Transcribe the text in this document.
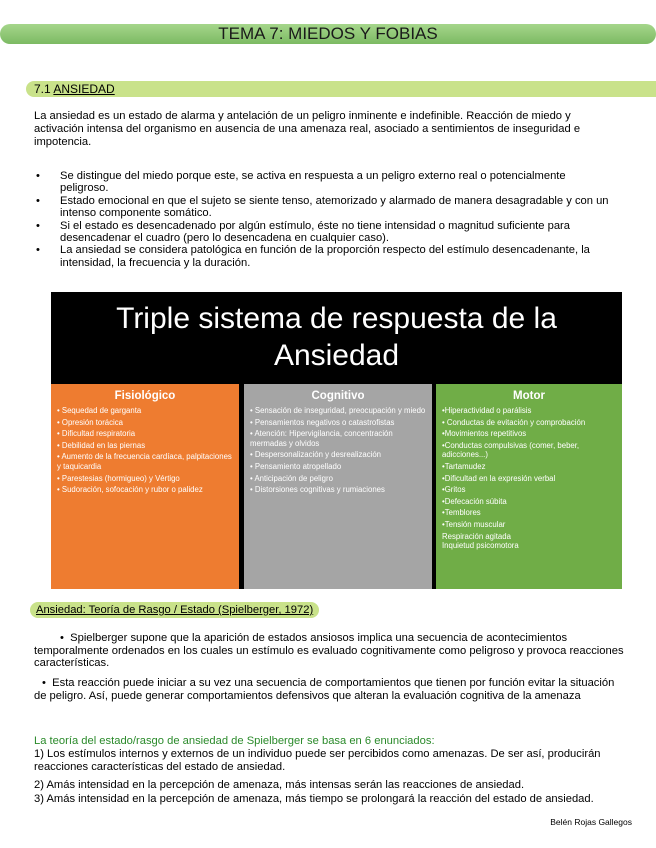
TEMA 7: MIEDOS Y FOBIAS
7.1 ANSIEDAD
La ansiedad es un estado de alarma y antelación de un peligro inminente e indefinible. Reacción de miedo y activación intensa del organismo en ausencia de una amenaza real, asociado a sentimientos de inseguridad e impotencia.
• Se distingue del miedo porque este, se activa en respuesta a un peligro externo real o potencialmente peligroso.
• Estado emocional en que el sujeto se siente tenso, atemorizado y alarmado de manera desagradable y con un intenso componente somático.
• Si el estado es desencadenado por algún estímulo, éste no tiene intensidad o magnitud suficiente para desencadenar el cuadro (pero lo desencadena en cualquier caso).
• La ansiedad se considera patológica en función de la proporción respecto del estímulo desencadenante, la intensidad, la frecuencia y la duración.
Triple sistema de respuesta de la Ansiedad
Fisiológico
• Sequedad de garganta
• Opresión torácica
• Dificultad respiratoria
• Debilidad en las piernas
• Aumento de la frecuencia cardíaca, palpitaciones y taquicardia
• Parestesias (hormigueo) y Vértigo
• Sudoración, sofocación y rubor o palidez
Cognitivo
• Sensación de inseguridad, preocupación y miedo
• Pensamientos negativos o catastrofistas
• Atención: Hipervigilancia, concentración mermadas y olvidos
• Despersonalización y desrealización
• Pensamiento atropellado
• Anticipación de peligro
• Distorsiones cognitivas y rumiaciones
Motor
•Hiperactividad o parálisis
• Conductas de evitación y comprobación
•Movimientos repetitivos
•Conductas compulsivas (comer, beber, adicciones...)
•Tartamudez
•Dificultad en la expresión verbal
•Gritos
•Defecación súbita
•Temblores
•Tensión muscular
Respiración agitada
Inquietud psicomotora
Ansiedad: Teoría de Rasgo / Estado (Spielberger, 1972)
•  Spielberger supone que la aparición de estados ansiosos implica una secuencia de acontecimientos temporalmente ordenados en los cuales un estímulo es evaluado cognitivamente como peligroso y provoca reacciones características.
•  Esta reacción puede iniciar a su vez una secuencia de comportamientos que tienen por función evitar la situación de peligro. Así, puede generar comportamientos defensivos que alteran la evaluación cognitiva de la amenaza
La teoría del estado/rasgo de ansiedad de Spielberger se basa en 6 enunciados:
1) Los estímulos internos y externos de un individuo puede ser percibidos como amenazas. De ser así, producirán reacciones características del estado de ansiedad.
2) Amás intensidad en la percepción de amenaza, más intensas serán las reacciones de ansiedad.
3) Amás intensidad en la percepción de amenaza, más tiempo se prolongará la reacción del estado de ansiedad.
Belén Rojas Gallegos
